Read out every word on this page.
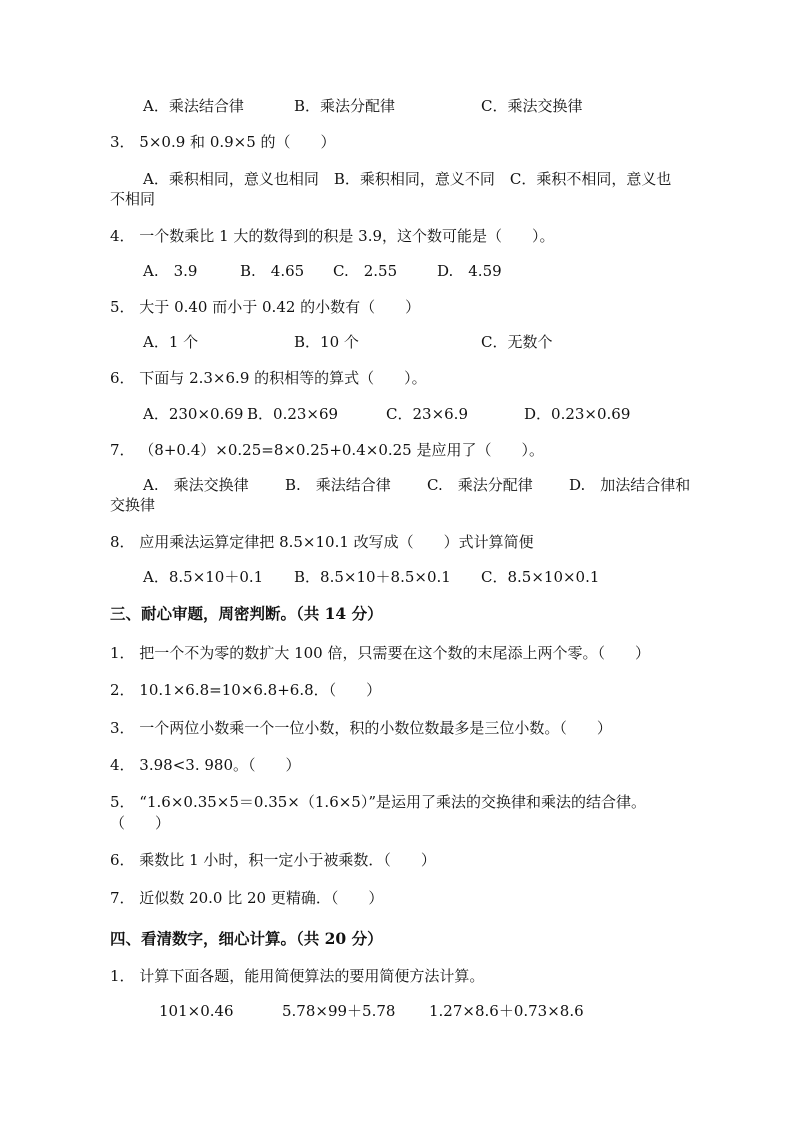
A．乘法结合律	B．乘法分配律	C．乘法交换律
3． 5×0.9 和 0.9×5 的（　　）
A．乘积相同，意义也相同　B．乘积相同，意义不同　C．乘积不相同，意义也
不相同
4． 一个数乘比 1 大的数得到的积是 3.9，这个数可能是（　　）。
A.　3.9	B.　4.65 C.　2.55	D.　4.59
5． 大于 0.40 而小于 0.42 的小数有（　　）
A．1 个	B．10 个	C．无数个
6． 下面与 2.3×6.9 的积相等的算式（　　）。
A．230×0.69 B．0.23×69	C．23×6.9	D．0.23×0.69
7． （8+0.4）×0.25=8×0.25+0.4×0.25 是应用了（　　）。
A.　乘法交换律 B.　乘法结合律 C.　乘法分配律 D.　加法结合律和
交换律
8． 应用乘法运算定律把 8.5×10.1 改写成（　　）式计算简便
A．8.5×10＋0.1 B．8.5×10＋8.5×0.1 C．8.5×10×0.1
三、耐心审题，周密判断。（共 14 分）
1． 把一个不为零的数扩大 100 倍，只需要在这个数的末尾添上两个零。（　　）
2． 10.1×6.8=10×6.8+6.8．（　　）
3． 一个两位小数乘一个一位小数，积的小数位数最多是三位小数。（　　）
4． 3.98<3. 980。（　　）
5． “1.6×0.35×5＝0.35×（1.6×5）”是运用了乘法的交换律和乘法的结合律。
（　　）
6． 乘数比 1 小时，积一定小于被乘数．（　　）
7． 近似数 20.0 比 20 更精确．（　　）
四、看清数字，细心计算。（共 20 分）
1． 计算下面各题，能用简便算法的要用简便方法计算。
101×0.46	5.78×99＋5.78 1.27×8.6＋0.73×8.6
